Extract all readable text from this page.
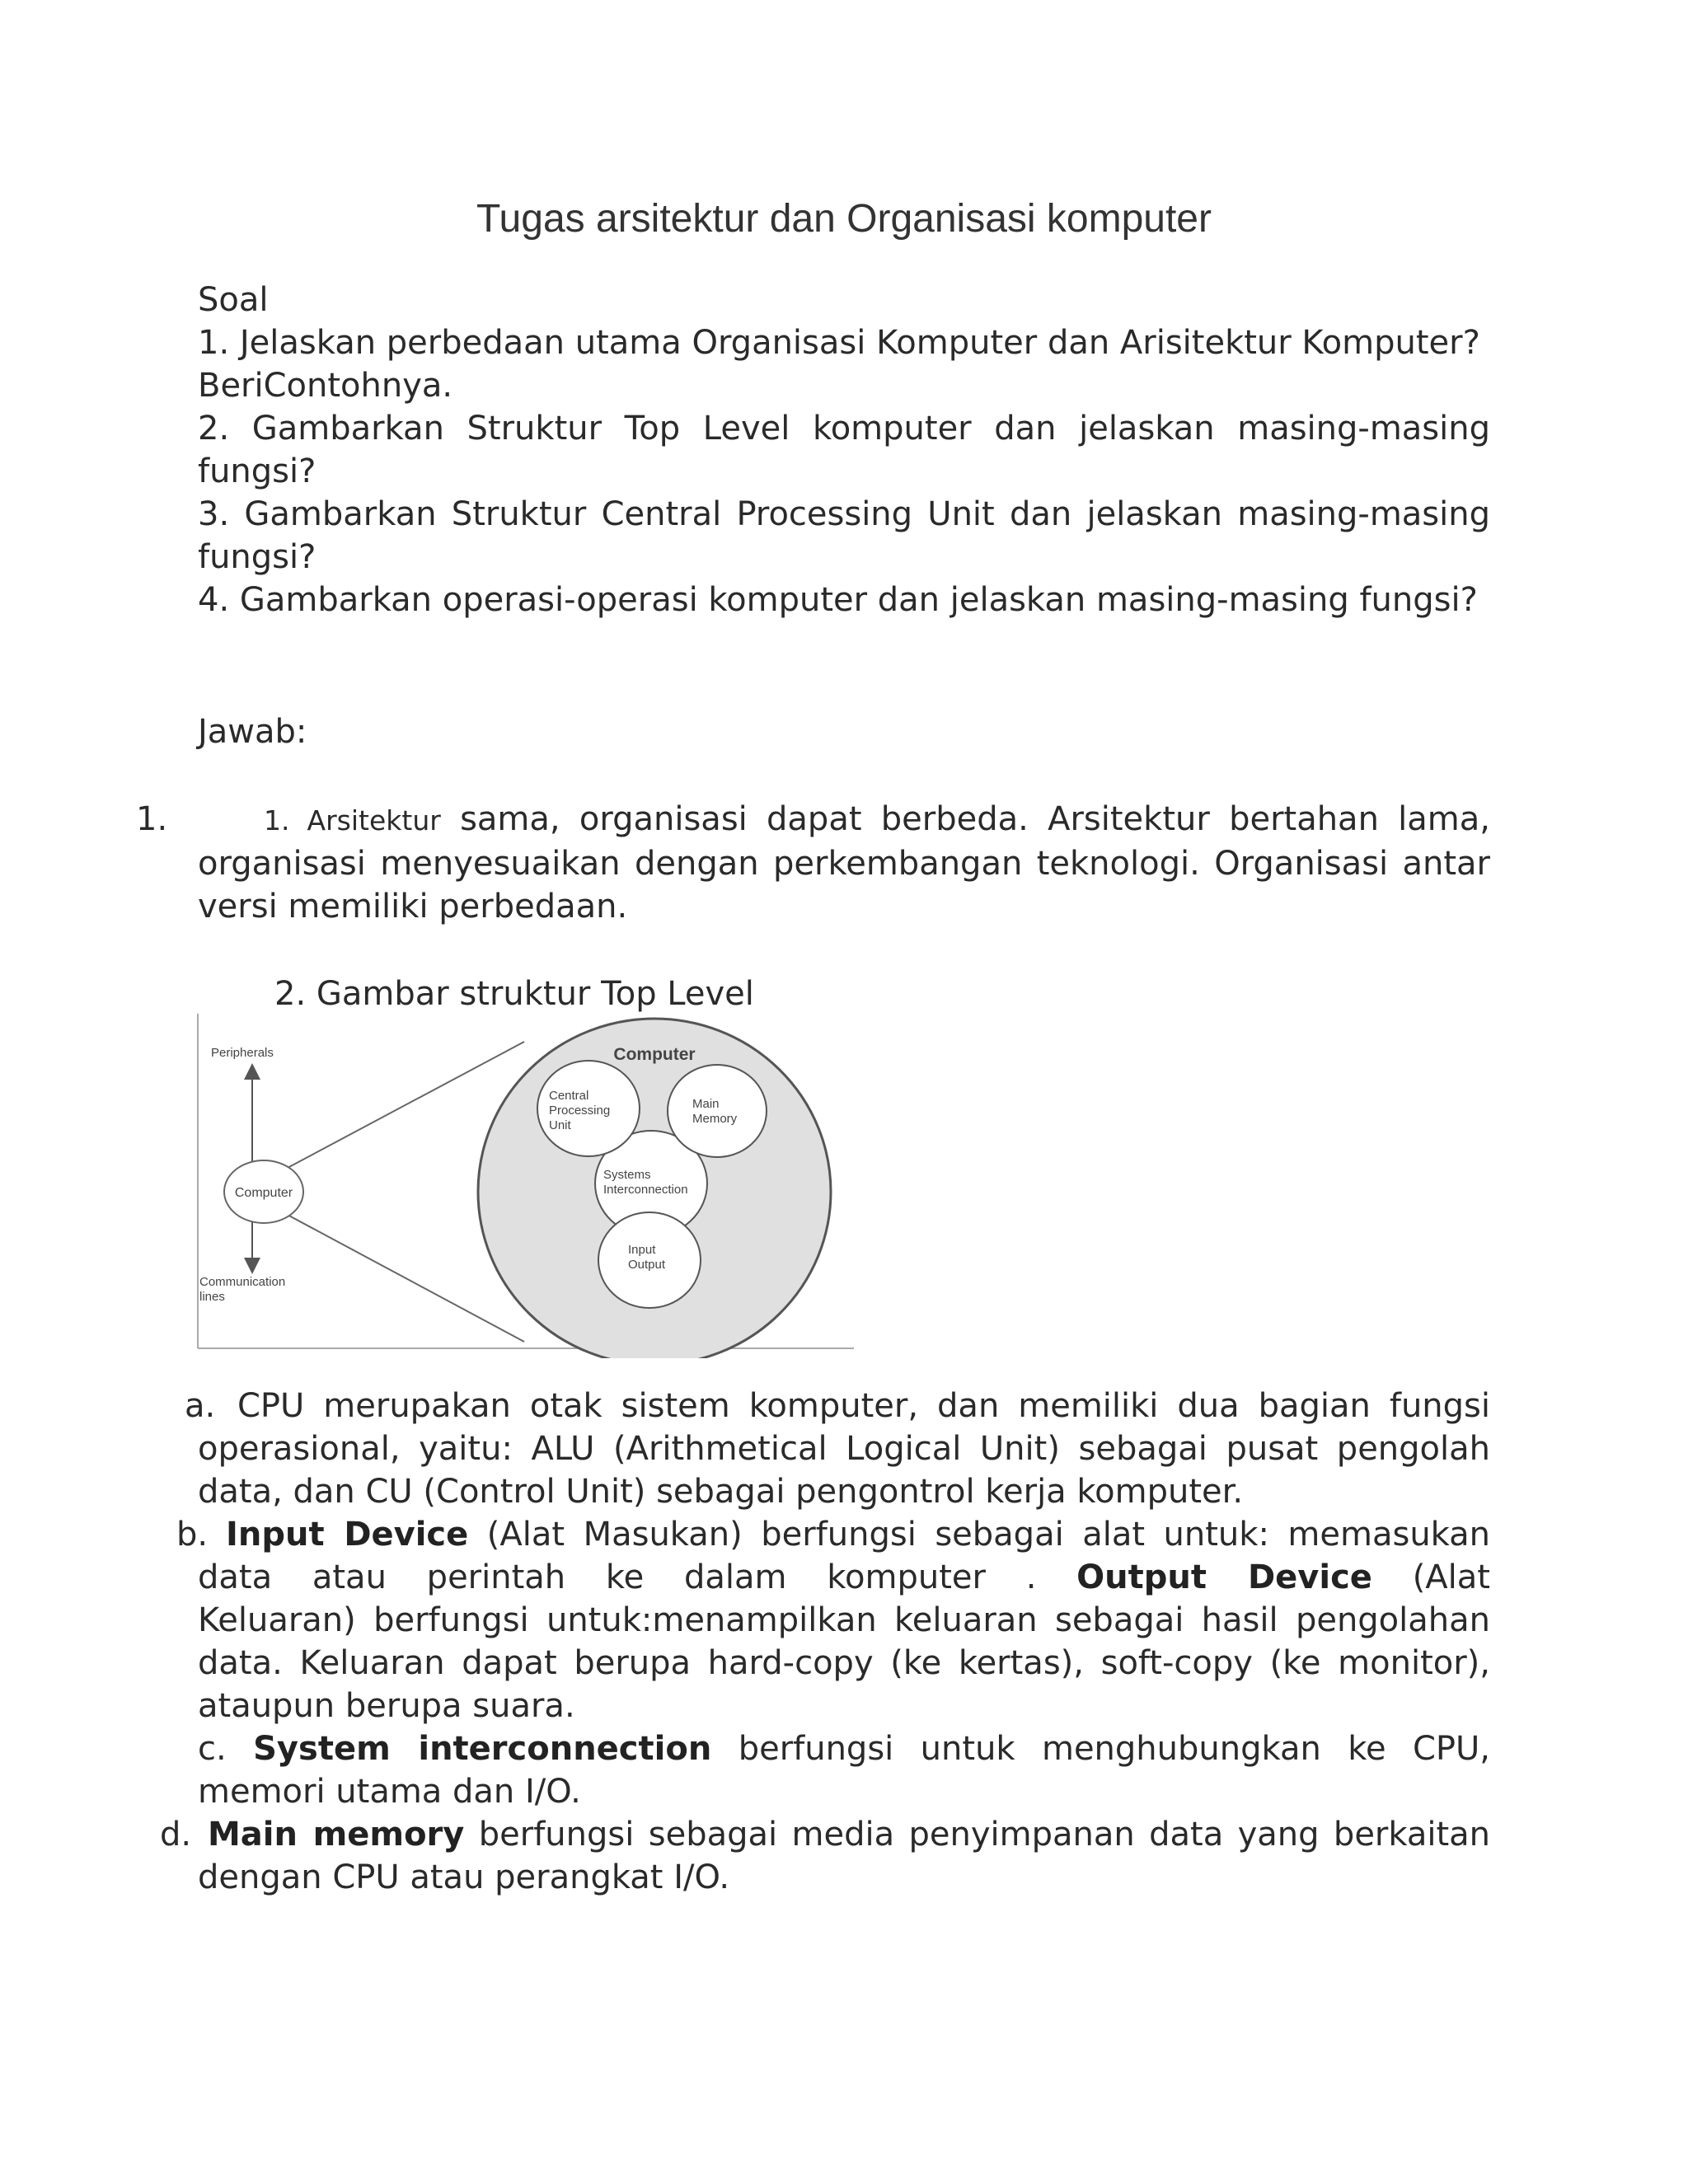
Tugas arsitektur dan Organisasi komputer

Soal

1. Jelaskan perbedaan utama Organisasi Komputer dan Arisitektur Komputer?

BeriContohnya.

2. Gambarkan Struktur Top Level komputer dan jelaskan masing-masing

fungsi?

3. Gambarkan Struktur Central Processing Unit dan jelaskan masing-masing

fungsi?

4. Gambarkan operasi-operasi komputer dan jelaskan masing-masing fungsi?

Jawab:
1.	1. Arsitektur sama, organisasi dapat berbeda. Arsitektur bertahan lama,

organisasi menyesuaikan dengan perkembangan teknologi. Organisasi antar

versi memiliki perbedaan.

2. Gambar struktur Top Level
Peripherals
Communication
lines
Computer
Computer
Systems
Interconnection
Central
Processing
Unit
Main
Memory
Input
Output
a.
b.
d.

CPU merupakan otak sistem komputer, dan memiliki dua bagian fungsi

operasional, yaitu: ALU (Arithmetical Logical Unit) sebagai pusat pengolah

data, dan CU (Control Unit) sebagai pengontrol kerja komputer.

Input Device (Alat Masukan) berfungsi sebagai alat untuk: memasukan

data atau perintah ke dalam komputer . Output Device (Alat

Keluaran) berfungsi untuk:menampilkan keluaran sebagai hasil pengolahan

data. Keluaran dapat berupa hard-copy (ke kertas), soft-copy (ke monitor),

ataupun berupa suara.

c. System interconnection berfungsi untuk menghubungkan ke CPU,

memori utama dan I/O.

Main memory berfungsi sebagai media penyimpanan data yang berkaitan

dengan CPU atau perangkat I/O.
